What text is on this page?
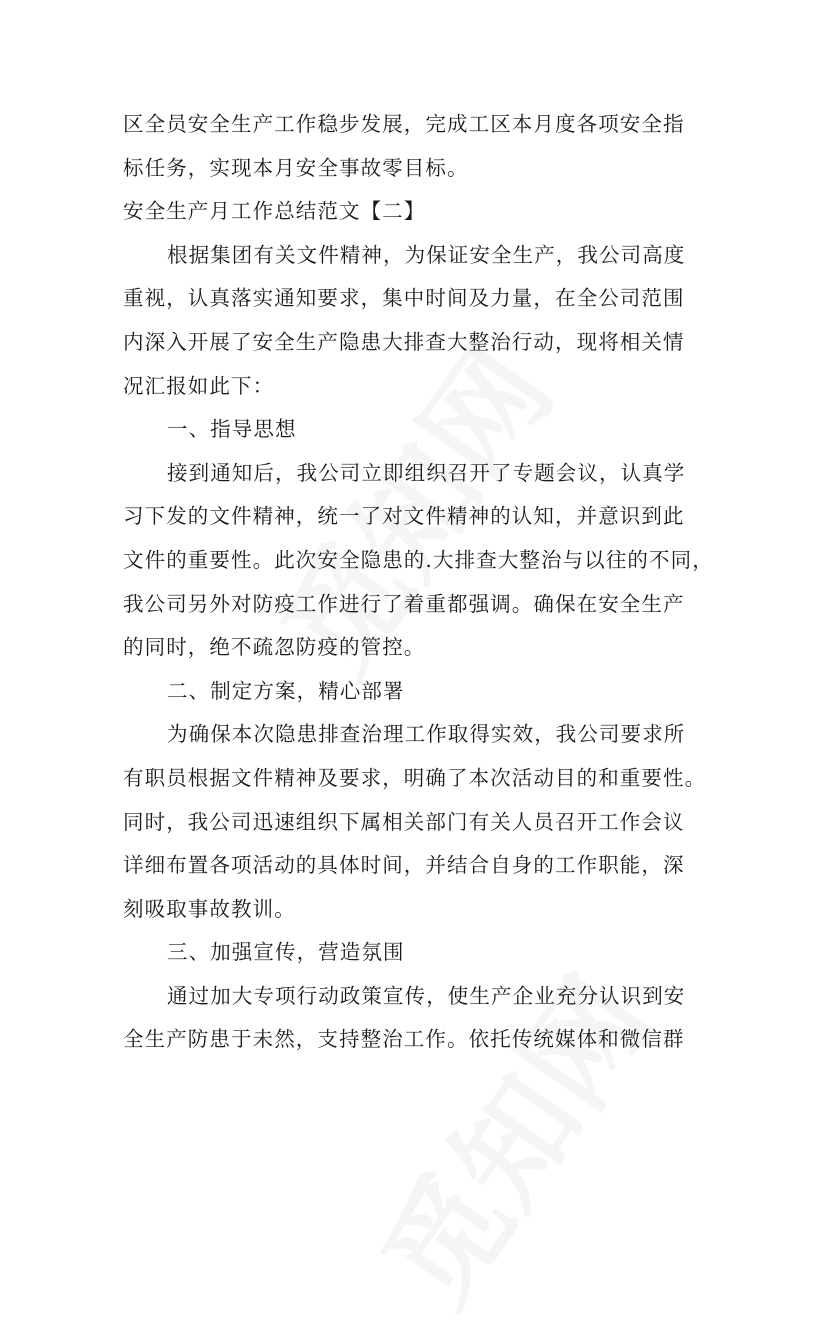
区全员安全生产工作稳步发展，完成工区本月度各项安全指
标任务，实现本月安全事故零目标。
安全生产月工作总结范文【二】
根据集团有关文件精神，为保证安全生产，我公司高度
重视，认真落实通知要求，集中时间及力量，在全公司范围
内深入开展了安全生产隐患大排查大整治行动，现将相关情
况汇报如此下：
一、指导思想
接到通知后，我公司立即组织召开了专题会议，认真学
习下发的文件精神，统一了对文件精神的认知，并意识到此
文件的重要性。此次安全隐患的.大排查大整治与以往的不同，
我公司另外对防疫工作进行了着重都强调。确保在安全生产
的同时，绝不疏忽防疫的管控。
二、制定方案，精心部署
为确保本次隐患排查治理工作取得实效，我公司要求所
有职员根据文件精神及要求，明确了本次活动目的和重要性。
同时，我公司迅速组织下属相关部门有关人员召开工作会议
详细布置各项活动的具体时间，并结合自身的工作职能，深
刻吸取事故教训。
三、加强宣传，营造氛围
通过加大专项行动政策宣传，使生产企业充分认识到安
全生产防患于未然，支持整治工作。依托传统媒体和微信群
